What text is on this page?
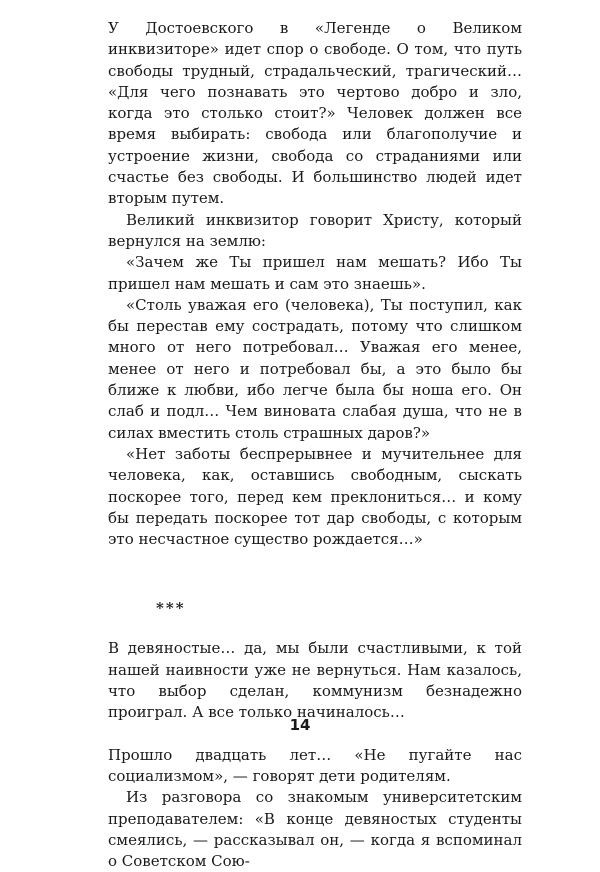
У Достоевского в «Легенде о Великом инквизиторе» идет спор о свободе. О том, что путь свободы трудный, страдальческий, трагический… «Для чего познавать это чертово добро и зло, когда это столько стоит?» Человек должен все время выбирать: свобода или благополучие и устроение жизни, свобода со страданиями или счастье без свободы. И большинство людей идет вторым путем.

Великий инквизитор говорит Христу, который вернулся на землю:

«Зачем же Ты пришел нам мешать? Ибо Ты пришел нам мешать и сам это знаешь».

«Столь уважая его (человека), Ты поступил, как бы перестав ему сострадать, потому что слишком много от него потребовал… Уважая его менее, менее от него и потребовал бы, а это было бы ближе к любви, ибо легче была бы ноша его. Он слаб и подл… Чем виновата слабая душа, что не в силах вместить столь страшных даров?»

«Нет заботы беспрерывнее и мучительнее для человека, как, оставшись свободным, сыскать поскорее того, перед кем преклониться… и кому бы передать поскорее тот дар свободы, с которым это несчастное существо рождается…»

***

В девяностые… да, мы были счастливыми, к той нашей наивности уже не вернуться. Нам казалось, что выбор сделан, коммунизм безнадежно проиграл. А все только начиналось…

Прошло двадцать лет… «Не пугайте нас социализмом», — говорят дети родителям.

Из разговора со знакомым университетским преподавателем: «В конце девяностых студенты смеялись, — рассказывал он, — когда я вспоминал о Советском Сою-

14
